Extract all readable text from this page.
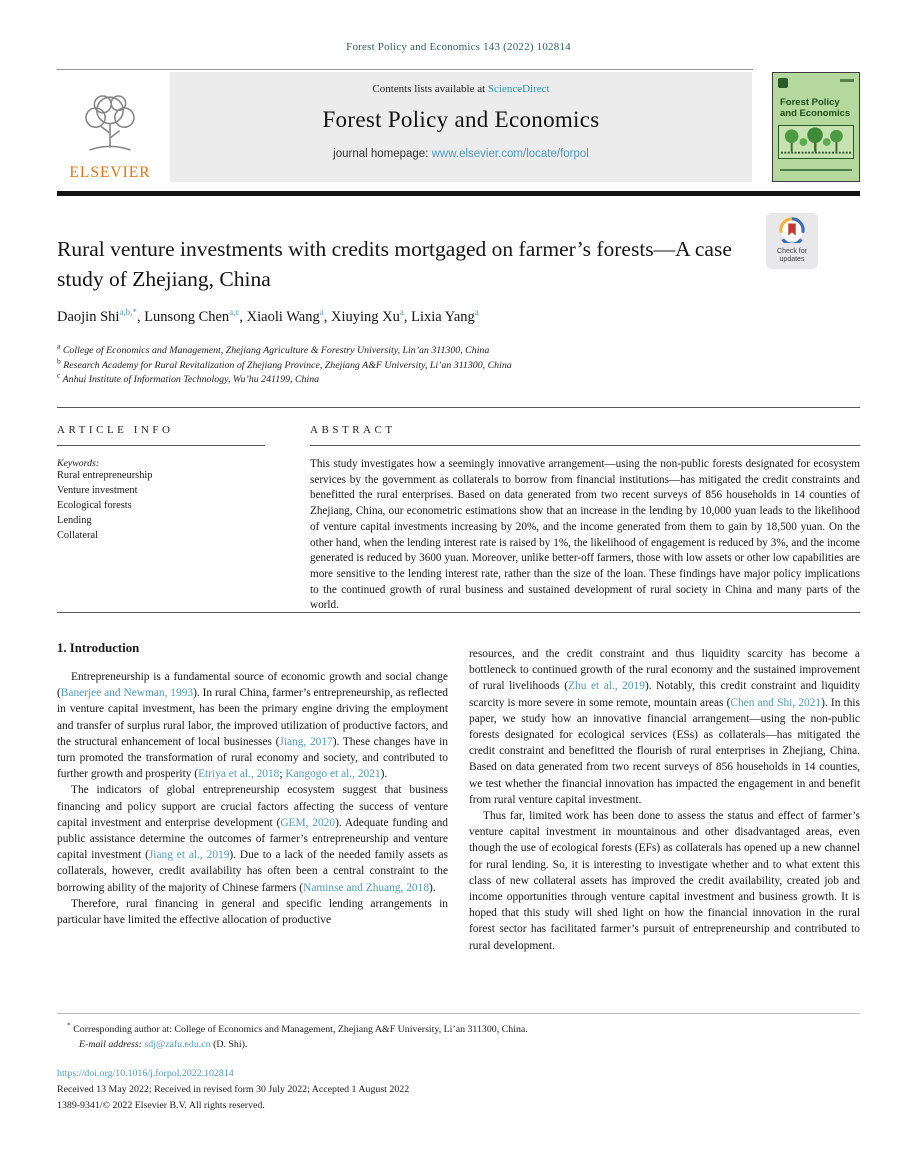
Forest Policy and Economics 143 (2022) 102814
ELSEVIER
Contents lists available at ScienceDirect
Forest Policy and Economics
journal homepage: www.elsevier.com/locate/forpol
Forest Policy
and Economics
Rural venture investments with credits mortgaged on farmer’s forests—A case study of Zhejiang, China
Check for
updates
Daojin Shi$^{a,b,*}$, Lunsong Chen$^{a,c}$, Xiaoli Wang$^a$, Xiuying Xu$^a$, Lixia Yang$^a$
$^a$ College of Economics and Management, Zhejiang Agriculture & Forestry University, Lin’an 311300, China
$^b$ Research Academy for Rural Revitalization of Zhejiang Province, Zhejiang A&F University, Li’an 311300, China
$^c$ Anhui Institute of Information Technology, Wu’hu 241199, China
ARTICLE INFO
Keywords:
Rural entrepreneurship
Venture investment
Ecological forests
Lending
Collateral
ABSTRACT
This study investigates how a seemingly innovative arrangement—using the non-public forests designated for ecosystem services by the government as collaterals to borrow from financial institutions—has mitigated the credit constraints and benefitted the rural enterprises. Based on data generated from two recent surveys of 856 households in 14 counties of Zhejiang, China, our econometric estimations show that an increase in the lending by 10,000 yuan leads to the likelihood of venture capital investments increasing by 20%, and the income generated from them to gain by 18,500 yuan. On the other hand, when the lending interest rate is raised by 1%, the likelihood of engagement is reduced by 3%, and the income generated is reduced by 3600 yuan. Moreover, unlike better-off farmers, those with low assets or other low capabilities are more sensitive to the lending interest rate, rather than the size of the loan. These findings have major policy implications to the continued growth of rural business and sustained development of rural society in China and many parts of the world.
1. Introduction

Entrepreneurship is a fundamental source of economic growth and social change (Banerjee and Newman, 1993). In rural China, farmer’s entrepreneurship, as reflected in venture capital investment, has been the primary engine driving the employment and transfer of surplus rural labor, the improved utilization of productive factors, and the structural enhancement of local businesses (Jiang, 2017). These changes have in turn promoted the transformation of rural economy and society, and contributed to further growth and prosperity (Etriya et al., 2018; Kangogo et al., 2021).

The indicators of global entrepreneurship ecosystem suggest that business financing and policy support are crucial factors affecting the success of venture capital investment and enterprise development (GEM, 2020). Adequate funding and public assistance determine the outcomes of farmer’s entrepreneurship and venture capital investment (Jiang et al., 2019). Due to a lack of the needed family assets as collaterals, however, credit availability has often been a central constraint to the borrowing ability of the majority of Chinese farmers (Naminse and Zhuang, 2018).

Therefore, rural financing in general and specific lending arrangements in particular have limited the effective allocation of productive

resources, and the credit constraint and thus liquidity scarcity has become a bottleneck to continued growth of the rural economy and the sustained improvement of rural livelihoods (Zhu et al., 2019). Notably, this credit constraint and liquidity scarcity is more severe in some remote, mountain areas (Chen and Shi, 2021). In this paper, we study how an innovative financial arrangement—using the non-public forests designated for ecological services (ESs) as collaterals—has mitigated the credit constraint and benefitted the flourish of rural enterprises in Zhejiang, China. Based on data generated from two recent surveys of 856 households in 14 counties, we test whether the financial innovation has impacted the engagement in and benefit from rural venture capital investment.

Thus far, limited work has been done to assess the status and effect of farmer’s venture capital investment in mountainous and other disadvantaged areas, even though the use of ecological forests (EFs) as collaterals has opened up a new channel for rural lending. So, it is interesting to investigate whether and to what extent this class of new collateral assets has improved the credit availability, created job and income opportunities through venture capital investment and business growth. It is hoped that this study will shed light on how the financial innovation in the rural forest sector has facilitated farmer’s pursuit of entrepreneurship and contributed to rural development.

* Corresponding author at: College of Economics and Management, Zhejiang A&F University, Li’an 311300, China.
E-mail address: sdj@zafu.edu.cn (D. Shi).
https://doi.org/10.1016/j.forpol.2022.102814
Received 13 May 2022; Received in revised form 30 July 2022; Accepted 1 August 2022
1389-9341/© 2022 Elsevier B.V. All rights reserved.
